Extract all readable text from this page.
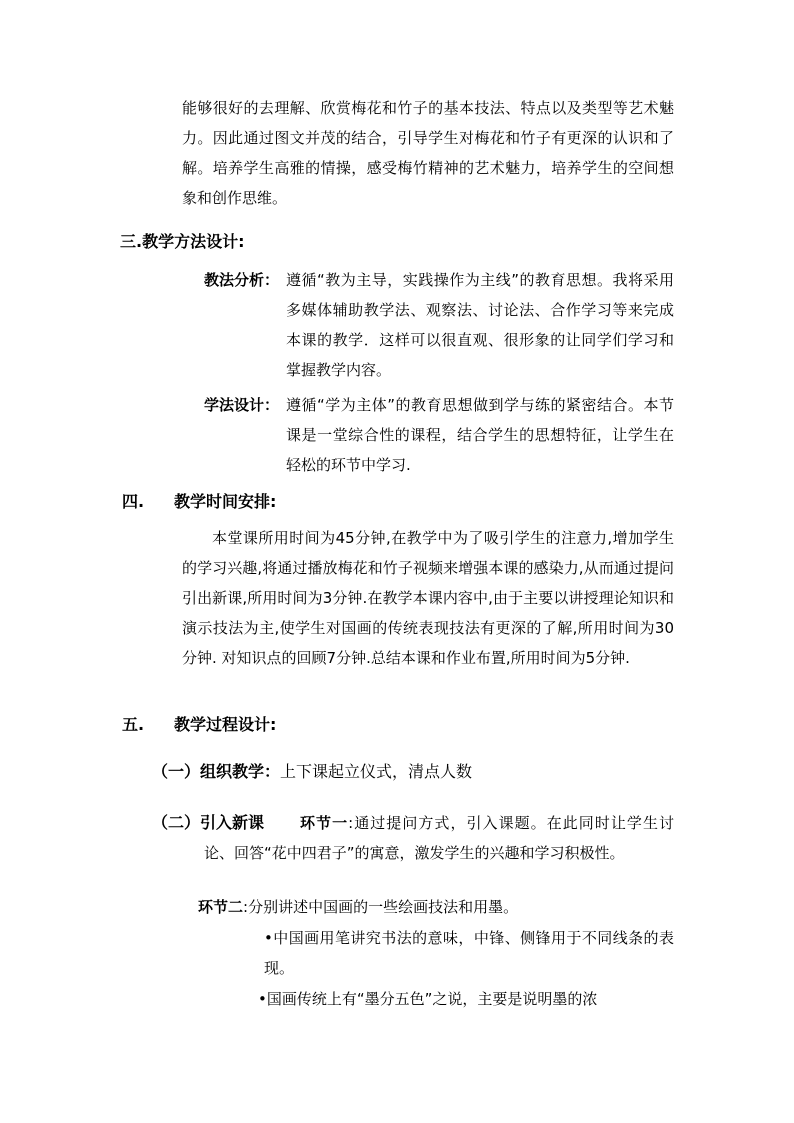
能够很好的去理解、欣赏梅花和竹子的基本技法、特点以及类型等艺术魅力。因此通过图文并茂的结合，引导学生对梅花和竹子有更深的认识和了解。培养学生高雅的情操，感受梅竹精神的艺术魅力，培养学生的空间想象和创作思维。
三.教学方法设计:
教法分析： 遵循“教为主导，实践操作为主线”的教育思想。我将采用多媒体辅助教学法、观察法、讨论法、合作学习等来完成本课的教学．这样可以很直观、很形象的让同学们学习和掌握教学内容。
学法设计： 遵循“学为主体”的教育思想做到学与练的紧密结合。本节课是一堂综合性的课程，结合学生的思想特征，让学生在轻松的环节中学习.
四. 教学时间安排:
本堂课所用时间为45分钟,在教学中为了吸引学生的注意力,增加学生的学习兴趣,将通过播放梅花和竹子视频来增强本课的感染力,从而通过提问引出新课,所用时间为3分钟.在教学本课内容中,由于主要以讲授理论知识和演示技法为主,使学生对国画的传统表现技法有更深的了解,所用时间为30分钟. 对知识点的回顾7分钟.总结本课和作业布置,所用时间为5分钟.
五. 教学过程设计:
（一）组织教学：上下课起立仪式，清点人数
（二）引入新课	环节一:通过提问方式，引入课题。在此同时让学生讨论、回答“花中四君子”的寓意，激发学生的兴趣和学习积极性。
环节二:分别讲述中国画的一些绘画技法和用墨。
•中国画用笔讲究书法的意味，中锋、侧锋用于不同线条的表现。
•国画传统上有“墨分五色”之说，主要是说明墨的浓
